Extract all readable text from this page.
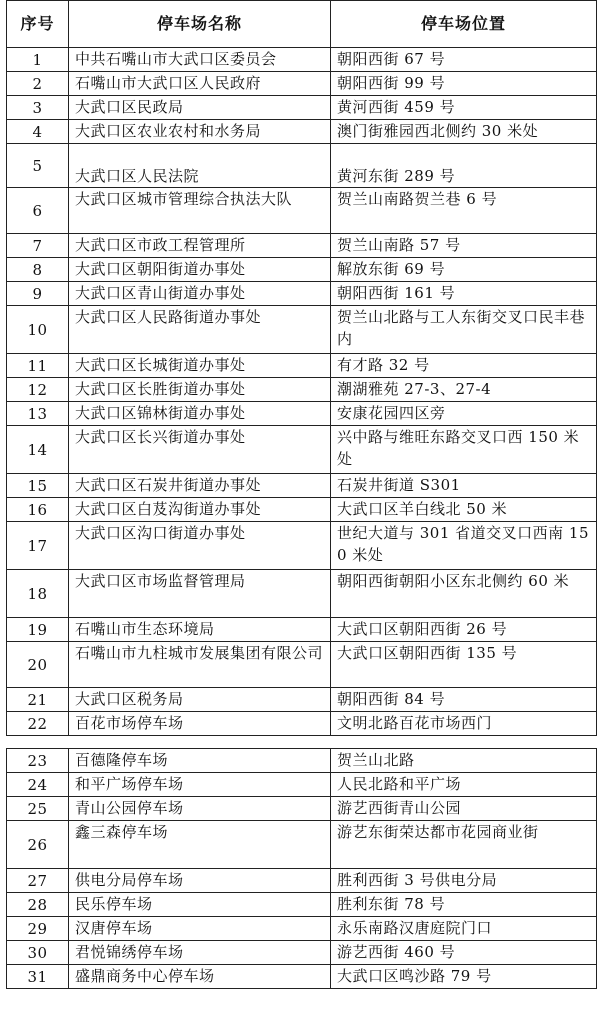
序号	停车场名称	停车场位置
1	中共石嘴山市大武口区委员会	朝阳西街 67 号
2	石嘴山市大武口区人民政府	朝阳西街 99 号
3	大武口区民政局	黄河西街 459 号
4	大武口区农业农村和水务局	澳门街雅园西北侧约 30 米处
5	大武口区人民法院	黄河东街 289 号
6	大武口区城市管理综合执法大队	贺兰山南路贺兰巷 6 号
7	大武口区市政工程管理所	贺兰山南路 57 号
8	大武口区朝阳街道办事处	解放东街 69 号
9	大武口区青山街道办事处	朝阳西街 161 号
10	大武口区人民路街道办事处	贺兰山北路与工人东街交叉口民丰巷内
11	大武口区长城街道办事处	有才路 32 号
12	大武口区长胜街道办事处	潮湖雅苑 27-3、27-4
13	大武口区锦林街道办事处	安康花园四区旁
14	大武口区长兴街道办事处	兴中路与维旺东路交叉口西 150 米处
15	大武口区石炭井街道办事处	石炭井街道 S301
16	大武口区白芨沟街道办事处	大武口区羊白线北 50 米
17	大武口区沟口街道办事处	世纪大道与 301 省道交叉口西南 150 米处
18	大武口区市场监督管理局	朝阳西街朝阳小区东北侧约 60 米
19	石嘴山市生态环境局	大武口区朝阳西街 26 号
20	石嘴山市九柱城市发展集团有限公司	大武口区朝阳西街 135 号
21	大武口区税务局	朝阳西街 84 号
22	百花市场停车场	文明北路百花市场西门
23	百德隆停车场	贺兰山北路
24	和平广场停车场	人民北路和平广场
25	青山公园停车场	游艺西街青山公园
26	鑫三森停车场	游艺东街荣达都市花园商业街
27	供电分局停车场	胜利西街 3 号供电分局
28	民乐停车场	胜利东街 78 号
29	汉唐停车场	永乐南路汉唐庭院门口
30	君悦锦绣停车场	游艺西街 460 号
31	盛鼎商务中心停车场	大武口区鸣沙路 79 号
